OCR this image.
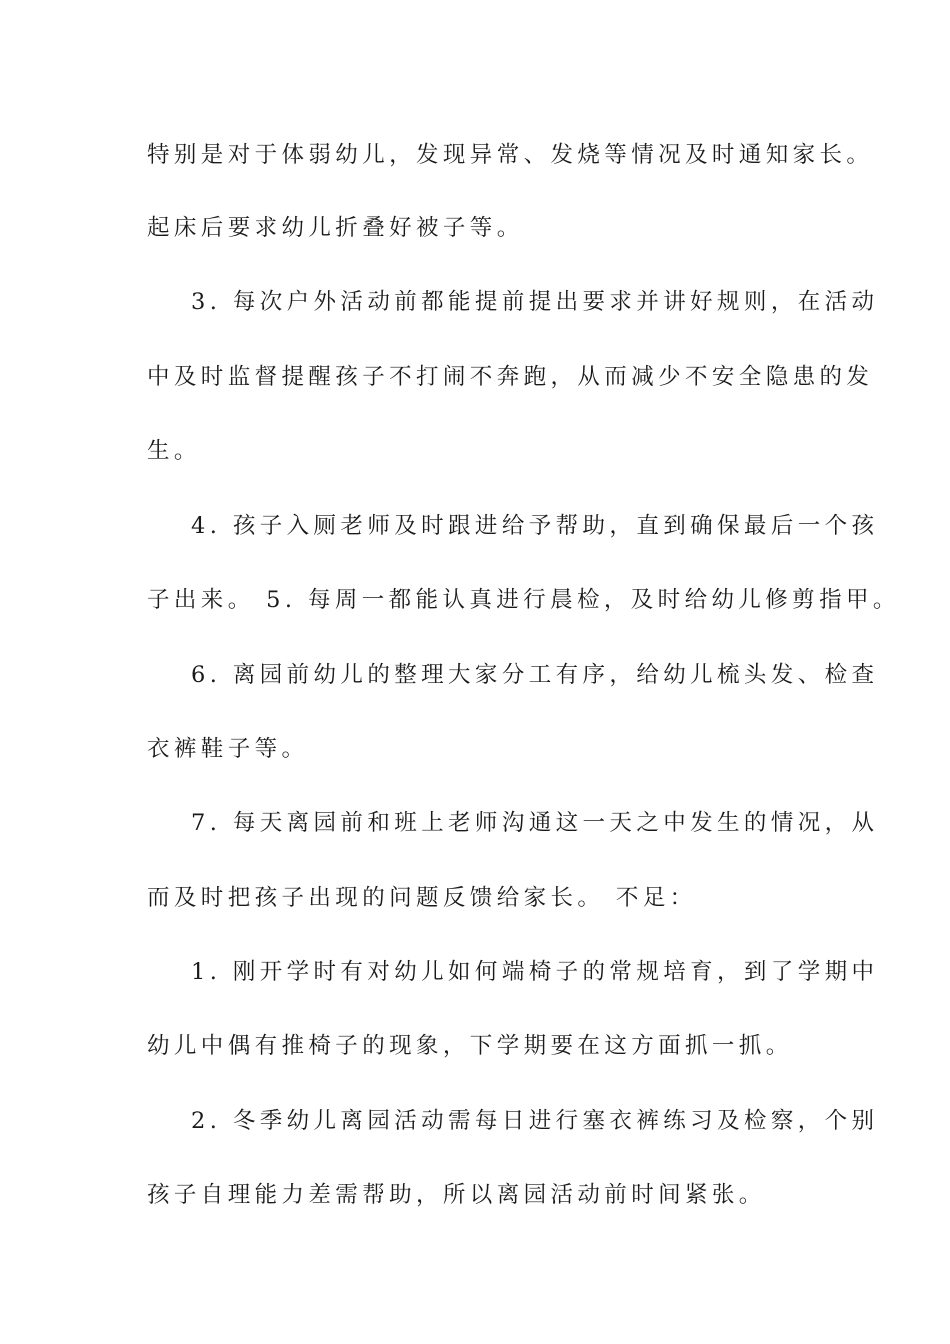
特别是对于体弱幼儿，发现异常、发烧等情况及时通知家长。
起床后要求幼儿折叠好被子等。
3. 每次户外活动前都能提前提出要求并讲好规则，在活动
中及时监督提醒孩子不打闹不奔跑，从而减少不安全隐患的发
生。
4. 孩子入厕老师及时跟进给予帮助，直到确保最后一个孩
子出来。 5. 每周一都能认真进行晨检，及时给幼儿修剪指甲。
6. 离园前幼儿的整理大家分工有序，给幼儿梳头发、检查
衣裤鞋子等。
7. 每天离园前和班上老师沟通这一天之中发生的情况，从
而及时把孩子出现的问题反馈给家长。 不足：
1. 刚开学时有对幼儿如何端椅子的常规培育，到了学期中
幼儿中偶有推椅子的现象，下学期要在这方面抓一抓。
2. 冬季幼儿离园活动需每日进行塞衣裤练习及检察，个别
孩子自理能力差需帮助，所以离园活动前时间紧张。
